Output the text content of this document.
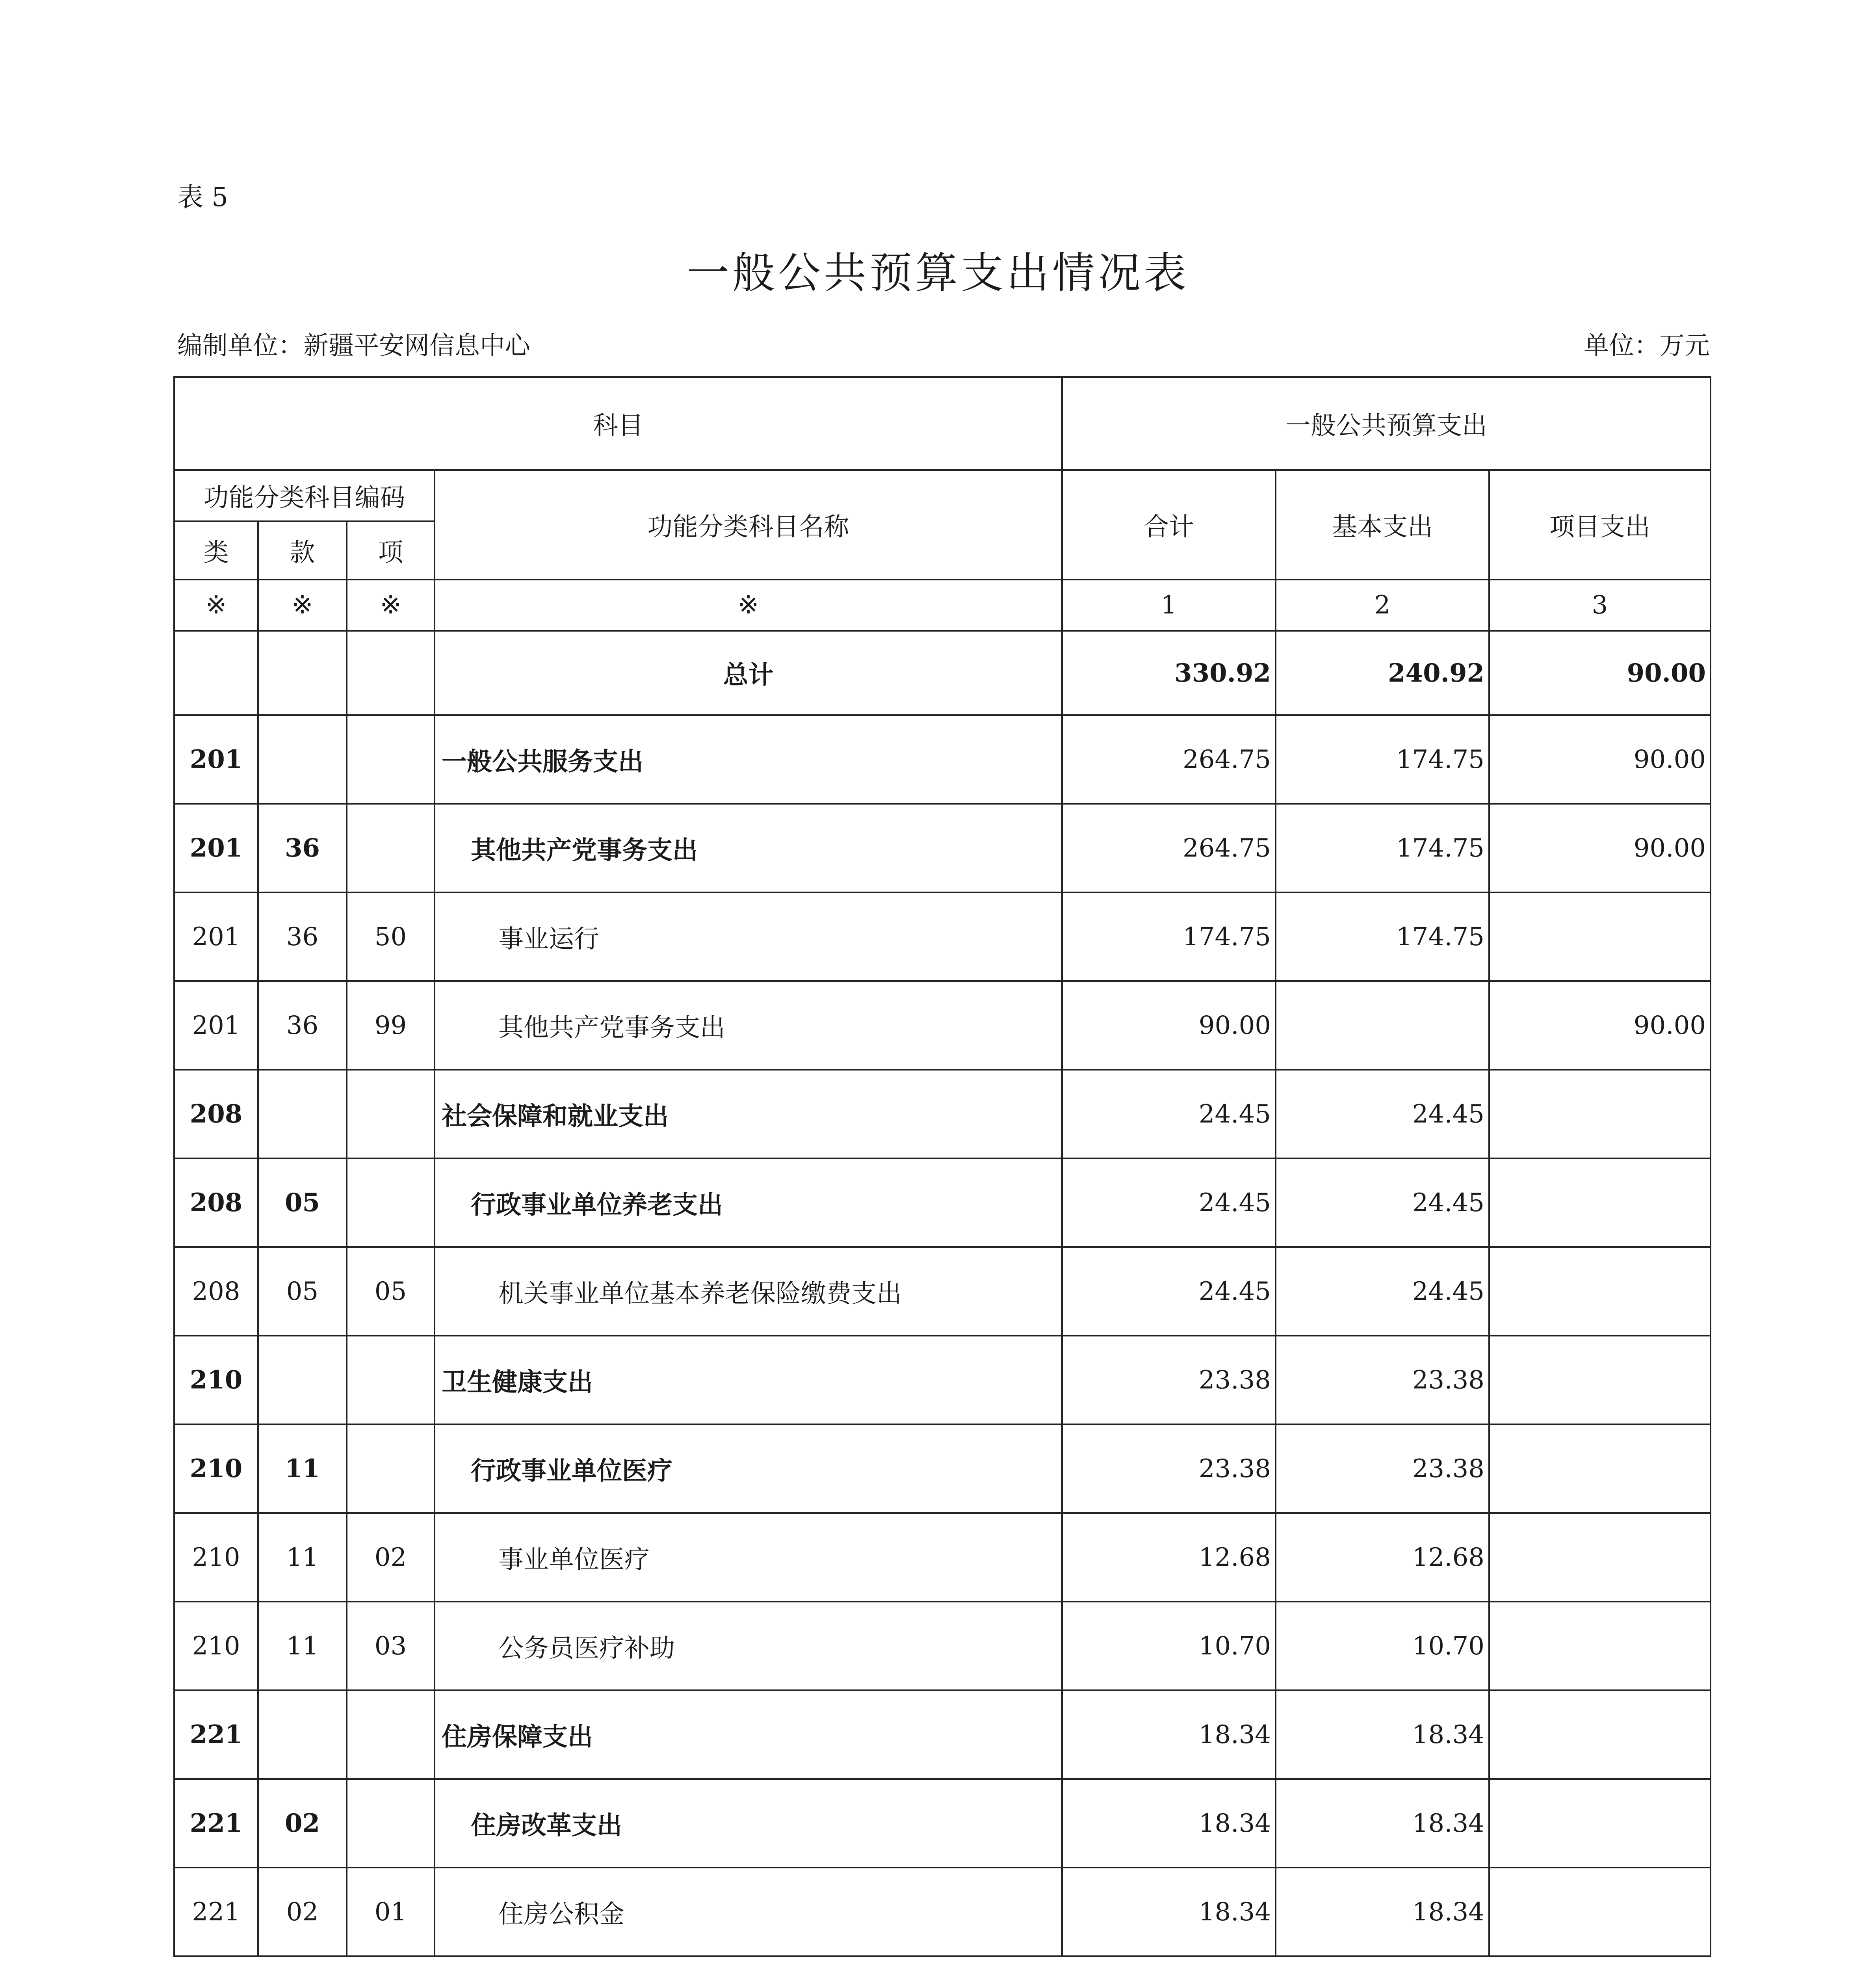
表 5
一般公共预算支出情况表
编制单位：新疆平安网信息中心	单位：万元
科目				一般公共预算支出		
功能分类科目编码			功能分类科目名称	合计	基本支出	项目支出
类	款	项				
※	※	※	※	1	2	3
			总计	330.92	240.92	90.00
201			一般公共服务支出	264.75	174.75	90.00
201	36		其他共产党事务支出	264.75	174.75	90.00
201	36	50	事业运行	174.75	174.75	
201	36	99	其他共产党事务支出	90.00		90.00
208			社会保障和就业支出	24.45	24.45	
208	05		行政事业单位养老支出	24.45	24.45	
208	05	05	机关事业单位基本养老保险缴费支出	24.45	24.45	
210			卫生健康支出	23.38	23.38	
210	11		行政事业单位医疗	23.38	23.38	
210	11	02	事业单位医疗	12.68	12.68	
210	11	03	公务员医疗补助	10.70	10.70	
221			住房保障支出	18.34	18.34	
221	02		住房改革支出	18.34	18.34	
221	02	01	住房公积金	18.34	18.34	
